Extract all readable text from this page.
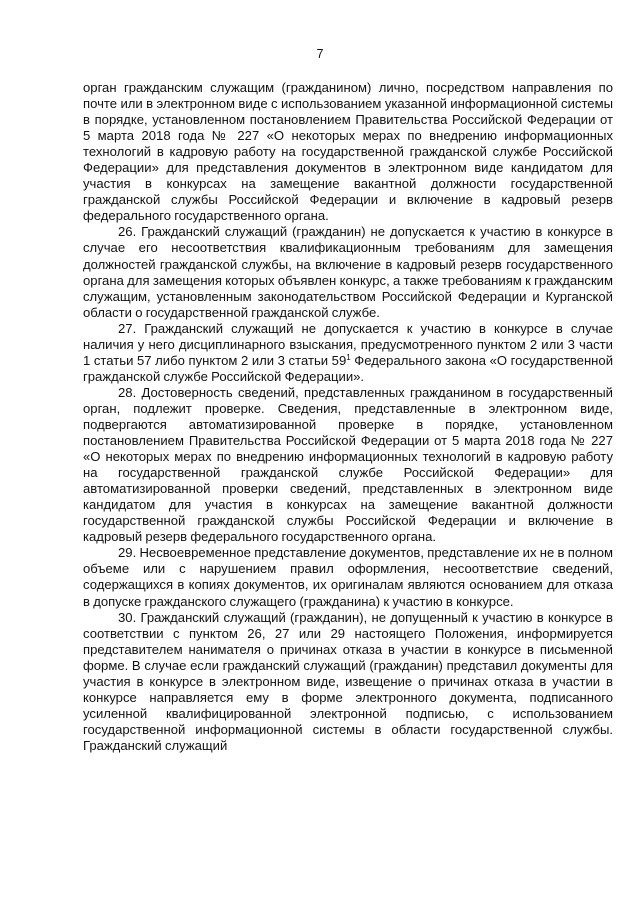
7

орган гражданским служащим (гражданином) лично, посредством направления по почте или в электронном виде с использованием указанной информационной системы в порядке, установленном постановлением Правительства Российской Федерации от 5 марта 2018 года № 227 «О некоторых мерах по внедрению информационных технологий в кадровую работу на государственной гражданской службе Российской Федерации» для представления документов в электронном виде кандидатом для участия в конкурсах на замещение вакантной должности государственной гражданской службы Российской Федерации и включение в кадровый резерв федерального государственного органа.

26. Гражданский служащий (гражданин) не допускается к участию в конкурсе в случае его несоответствия квалификационным требованиям для замещения должностей гражданской службы, на включение в кадровый резерв государственного органа для замещения которых объявлен конкурс, а также требованиям к гражданским служащим, установленным законодательством Российской Федерации и Курганской области о государственной гражданской службе.

27. Гражданский служащий не допускается к участию в конкурсе в случае наличия у него дисциплинарного взыскания, предусмотренного пунктом 2 или 3 части 1 статьи 57 либо пунктом 2 или 3 статьи $59^1$ Федерального закона «О государственной гражданской службе Российской Федерации».

28. Достоверность сведений, представленных гражданином в государственный орган, подлежит проверке. Сведения, представленные в электронном виде, подвергаются автоматизированной проверке в порядке, установленном постановлением Правительства Российской Федерации от 5 марта 2018 года № 227 «О некоторых мерах по внедрению информационных технологий в кадровую работу на государственной гражданской службе Российской Федерации» для автоматизированной проверки сведений, представленных в электронном виде кандидатом для участия в конкурсах на замещение вакантной должности государственной гражданской службы Российской Федерации и включение в кадровый резерв федерального государственного органа.

29. Несвоевременное представление документов, представление их не в полном объеме или с нарушением правил оформления, несоответствие сведений, содержащихся в копиях документов, их оригиналам являются основанием для отказа в допуске гражданского служащего (гражданина) к участию в конкурсе.

30. Гражданский служащий (гражданин), не допущенный к участию в конкурсе в соответствии с пунктом 26, 27 или 29 настоящего Положения, информируется представителем нанимателя о причинах отказа в участии в конкурсе в письменной форме. В случае если гражданский служащий (гражданин) представил документы для участия в конкурсе в электронном виде, извещение о причинах отказа в участии в конкурсе направляется ему в форме электронного документа, подписанного усиленной квалифицированной электронной подписью, с использованием государственной информационной системы в области государственной службы. Гражданский служащий
